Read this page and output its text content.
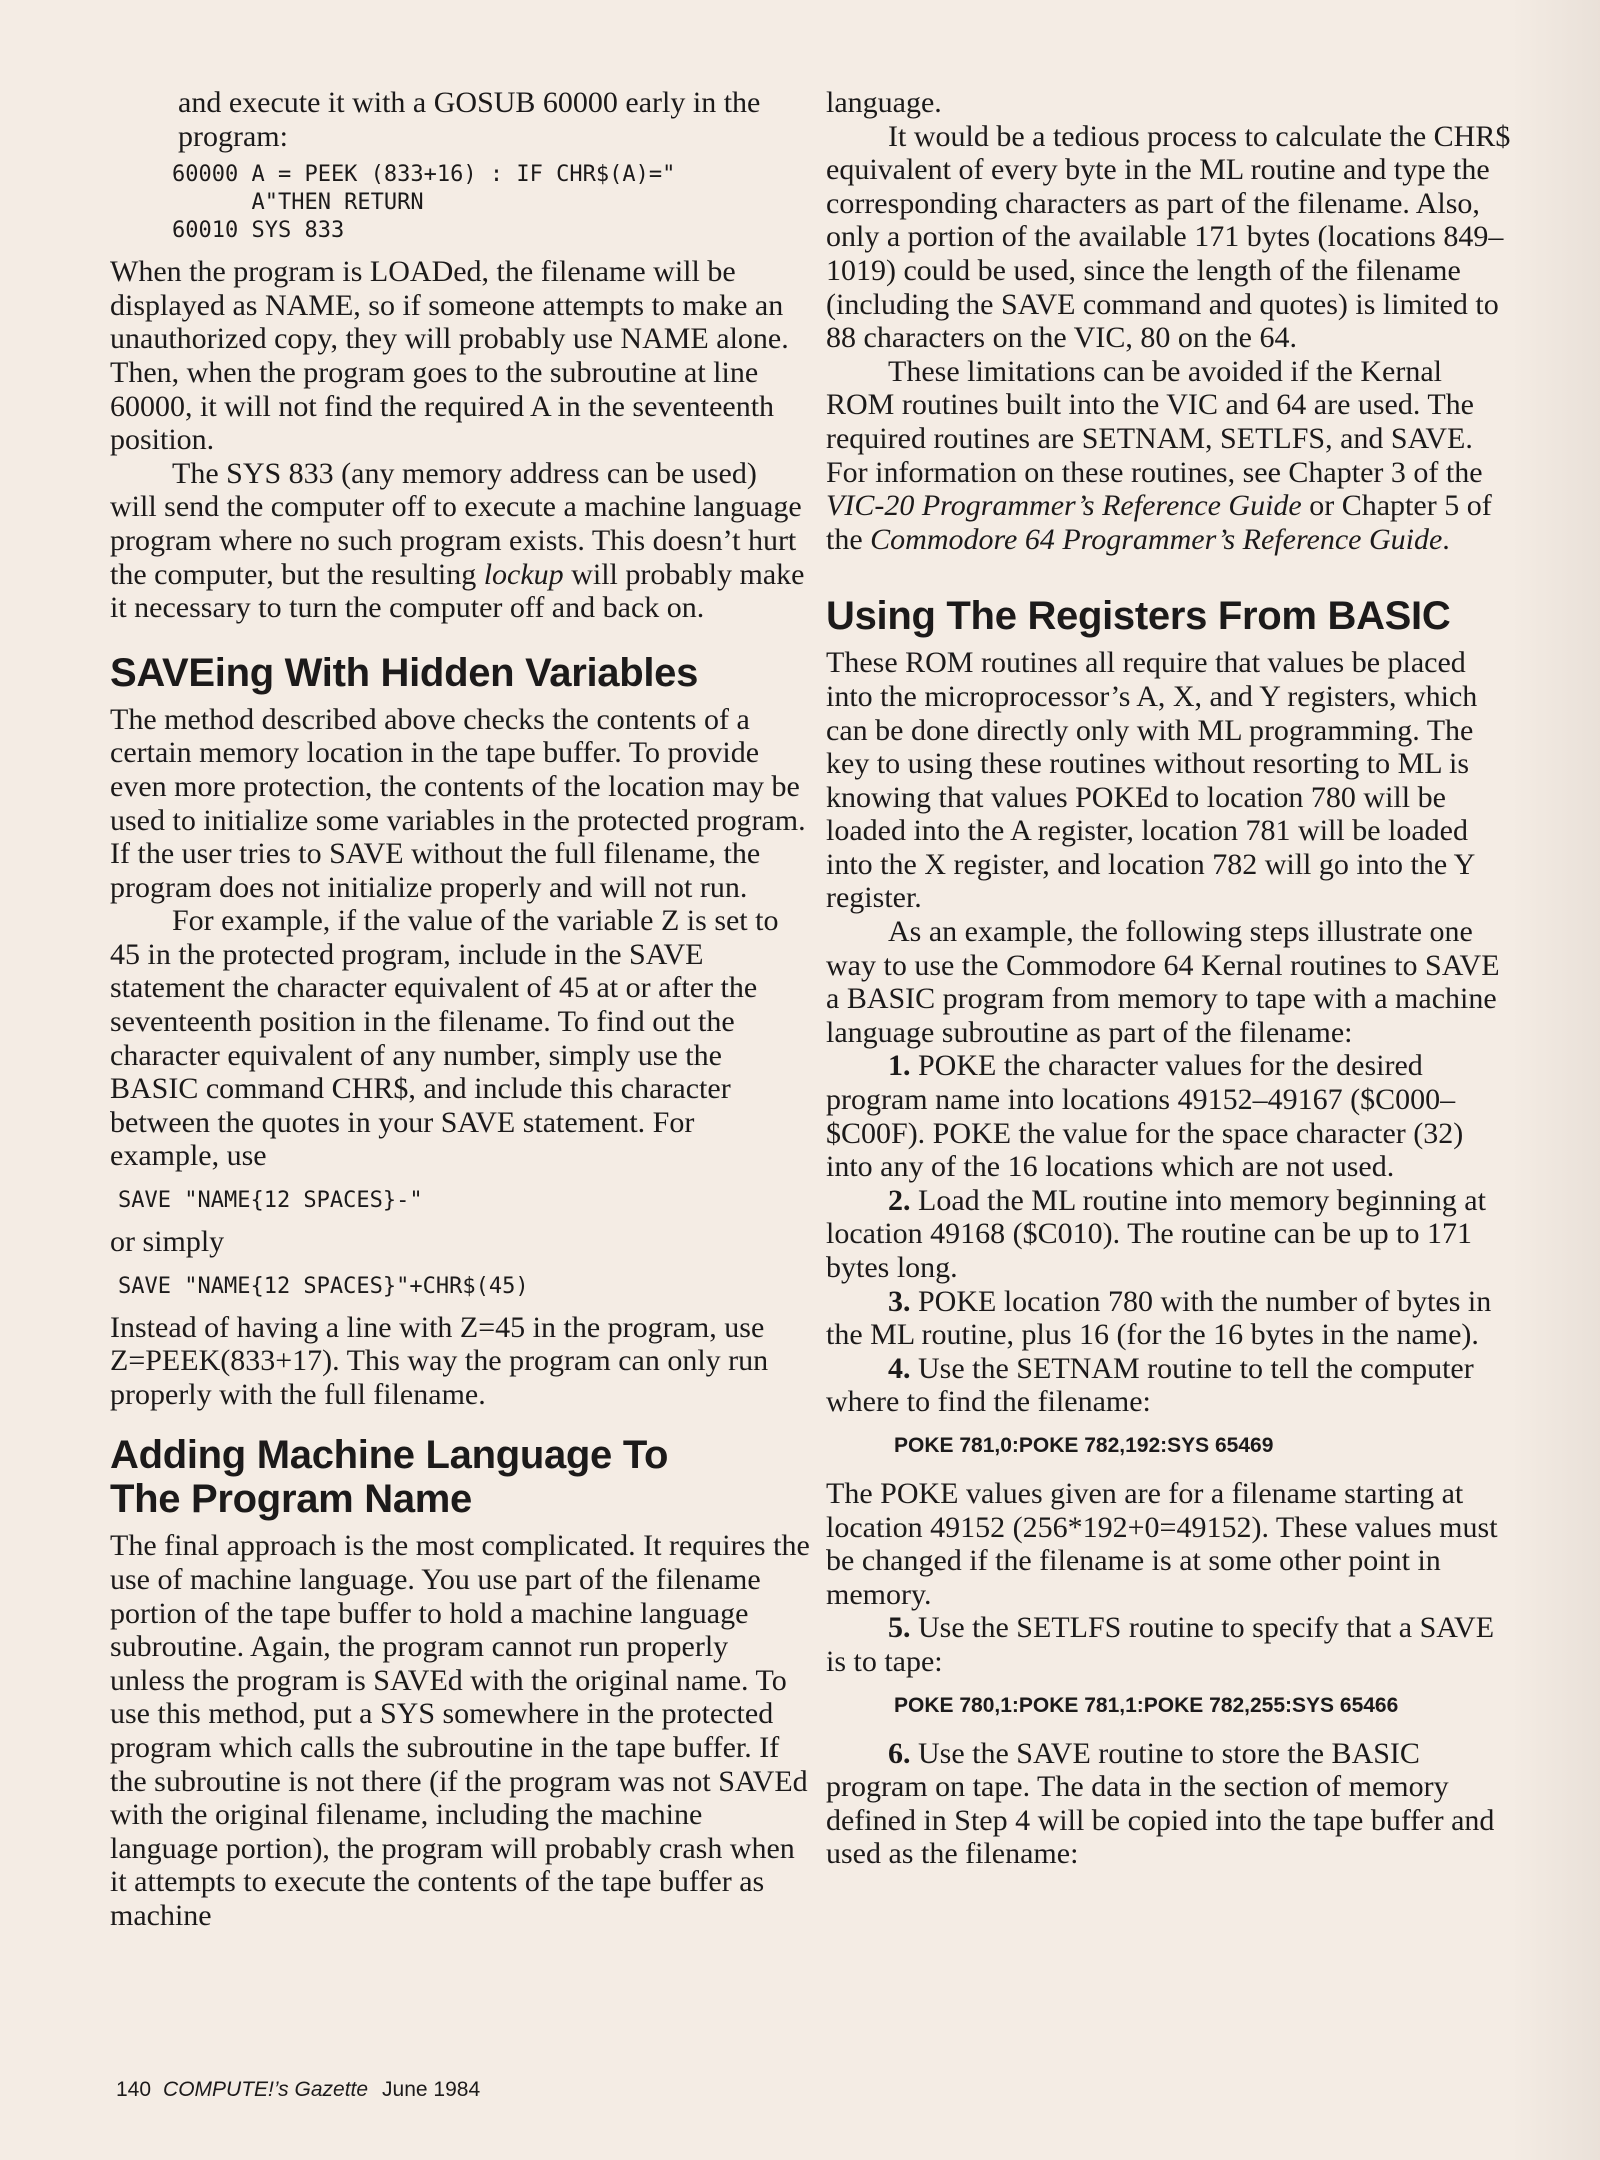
and execute it with a GOSUB 60000 early in the program:

60000 A = PEEK (833+16) : IF CHR$(A)="
A"THEN RETURN
60010 SYS 833

When the program is LOADed, the filename will be displayed as NAME, so if someone attempts to make an unauthorized copy, they will probably use NAME alone. Then, when the program goes to the subroutine at line 60000, it will not find the required A in the seventeenth position.

The SYS 833 (any memory address can be used) will send the computer off to execute a machine language program where no such program exists. This doesn’t hurt the computer, but the resulting lockup will probably make it necessary to turn the computer off and back on.

SAVEing With Hidden Variables

The method described above checks the contents of a certain memory location in the tape buffer. To provide even more protection, the contents of the location may be used to initialize some variables in the protected program. If the user tries to SAVE without the full filename, the program does not initialize properly and will not run.

For example, if the value of the variable Z is set to 45 in the protected program, include in the SAVE statement the character equivalent of 45 at or after the seventeenth position in the filename. To find out the character equivalent of any number, simply use the BASIC command CHR$, and include this character between the quotes in your SAVE statement. For example, use

SAVE "NAME{12 SPACES}-"

or simply

SAVE "NAME{12 SPACES}"+CHR$(45)

Instead of having a line with Z=45 in the program, use Z=PEEK(833+17). This way the program can only run properly with the full filename.

Adding Machine Language To
The Program Name

The final approach is the most complicated. It requires the use of machine language. You use part of the filename portion of the tape buffer to hold a machine language subroutine. Again, the program cannot run properly unless the program is SAVEd with the original name. To use this method, put a SYS somewhere in the protected program which calls the subroutine in the tape buffer. If the subroutine is not there (if the program was not SAVEd with the original filename, including the machine language portion), the program will probably crash when it attempts to execute the contents of the tape buffer as machine

language.

It would be a tedious process to calculate the CHR$ equivalent of every byte in the ML routine and type the corresponding characters as part of the filename. Also, only a portion of the available 171 bytes (locations 849–1019) could be used, since the length of the filename (including the SAVE command and quotes) is limited to 88 characters on the VIC, 80 on the 64.

These limitations can be avoided if the Kernal ROM routines built into the VIC and 64 are used. The required routines are SETNAM, SETLFS, and SAVE. For information on these routines, see Chapter 3 of the VIC-20 Programmer’s Reference Guide or Chapter 5 of the Commodore 64 Programmer’s Reference Guide.

Using The Registers From BASIC

These ROM routines all require that values be placed into the microprocessor’s A, X, and Y registers, which can be done directly only with ML programming. The key to using these routines without resorting to ML is knowing that values POKEd to location 780 will be loaded into the A register, location 781 will be loaded into the X register, and location 782 will go into the Y register.

As an example, the following steps illustrate one way to use the Commodore 64 Kernal routines to SAVE a BASIC program from memory to tape with a machine language subroutine as part of the filename:

1. POKE the character values for the desired program name into locations 49152–49167 ($C000–$C00F). POKE the value for the space character (32) into any of the 16 locations which are not used.

2. Load the ML routine into memory beginning at location 49168 ($C010). The routine can be up to 171 bytes long.

3. POKE location 780 with the number of bytes in the ML routine, plus 16 (for the 16 bytes in the name).

4. Use the SETNAM routine to tell the computer where to find the filename:

POKE 781,0:POKE 782,192:SYS 65469

The POKE values given are for a filename starting at location 49152 (256*192+0=49152). These values must be changed if the filename is at some other point in memory.

5. Use the SETLFS routine to specify that a SAVE is to tape:

POKE 780,1:POKE 781,1:POKE 782,255:SYS 65466

6. Use the SAVE routine to store the BASIC program on tape. The data in the section of memory defined in Step 4 will be copied into the tape buffer and used as the filename:

140 COMPUTE!’s Gazette June 1984
